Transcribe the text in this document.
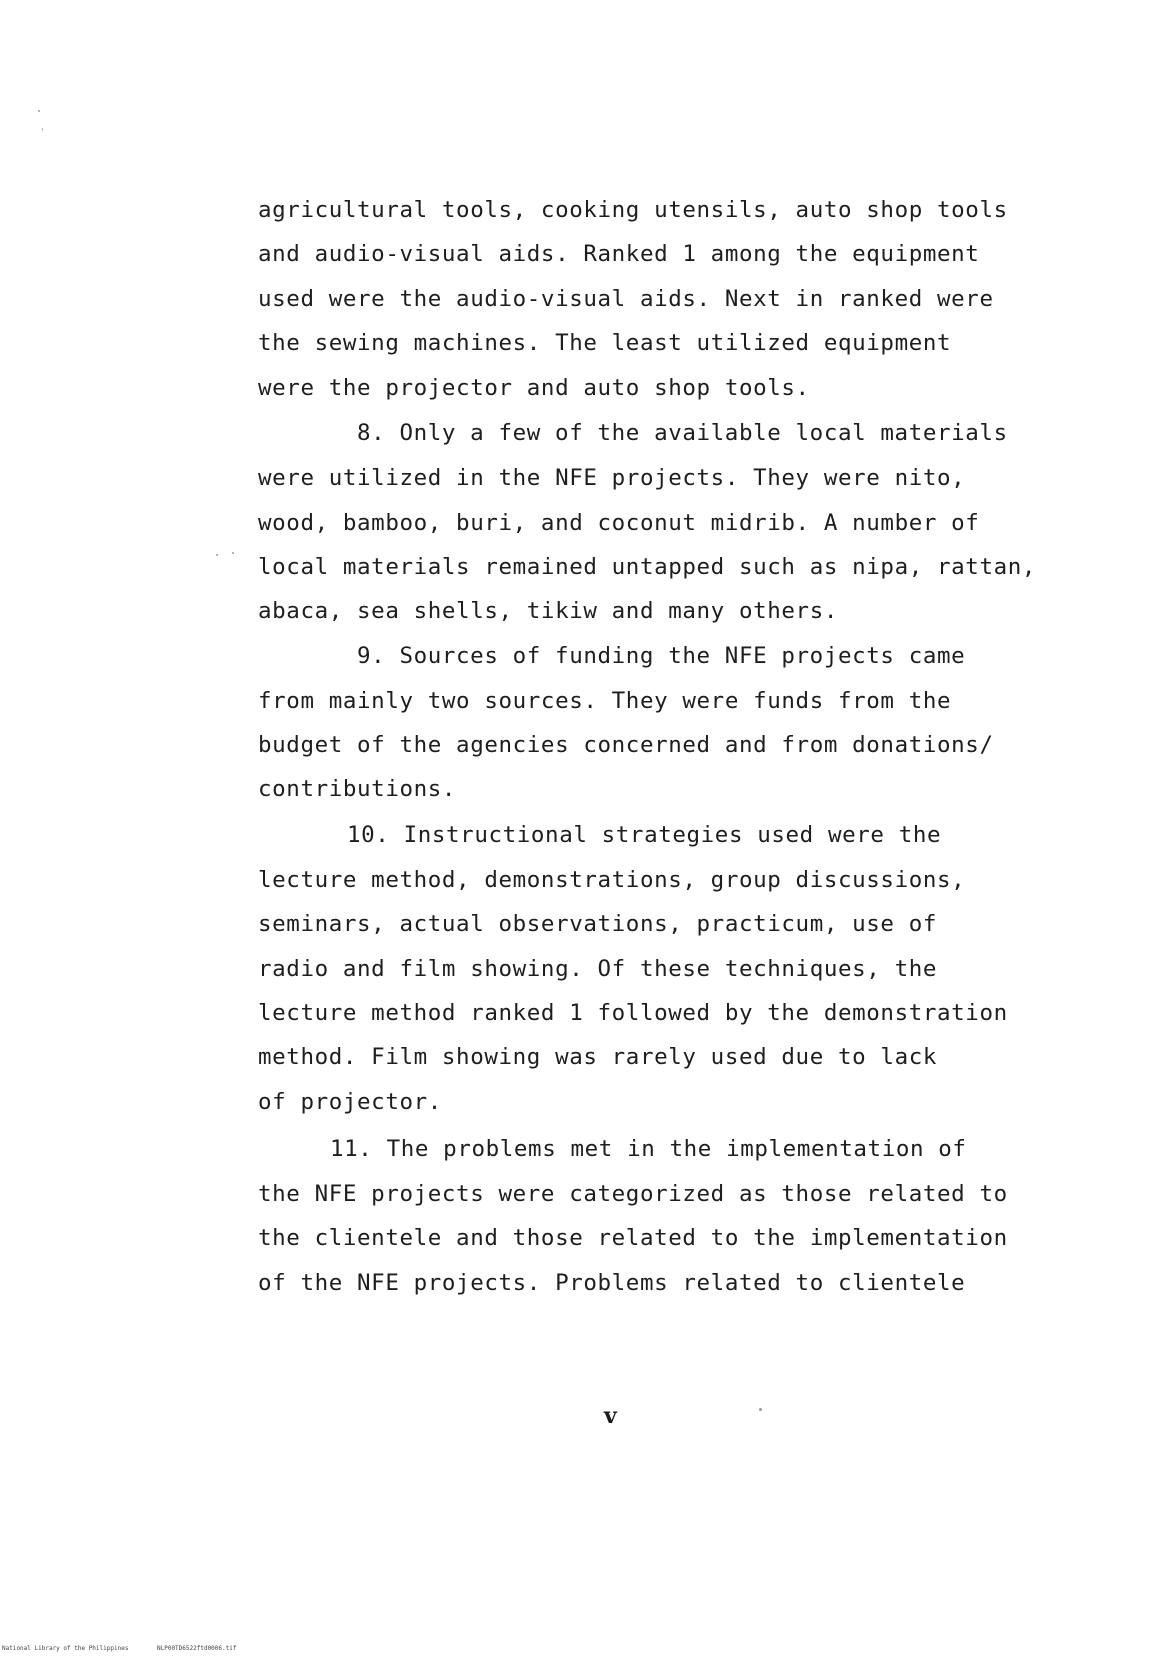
agricultural tools, cooking utensils, auto shop tools
and audio-visual aids. Ranked 1 among the equipment
used were the audio-visual aids. Next in ranked were
the sewing machines. The least utilized equipment
were the projector and auto shop tools.
8. Only a few of the available local materials
were utilized in the NFE projects. They were nito,
wood, bamboo, buri, and coconut midrib. A number of
local materials remained untapped such as nipa, rattan,
abaca, sea shells, tikiw and many others.
9. Sources of funding the NFE projects came
from mainly two sources. They were funds from the
budget of the agencies concerned and from donations/
contributions.
10. Instructional strategies used were the
lecture method, demonstrations, group discussions,
seminars, actual observations, practicum, use of
radio and film showing. Of these techniques, the
lecture method ranked 1 followed by the demonstration
method. Film showing was rarely used due to lack
of projector.
11. The problems met in the implementation of
the NFE projects were categorized as those related to
the clientele and those related to the implementation
of the NFE projects. Problems related to clientele
v
National Library of the Philippines	NLP00TD6522ftd0006.tif
